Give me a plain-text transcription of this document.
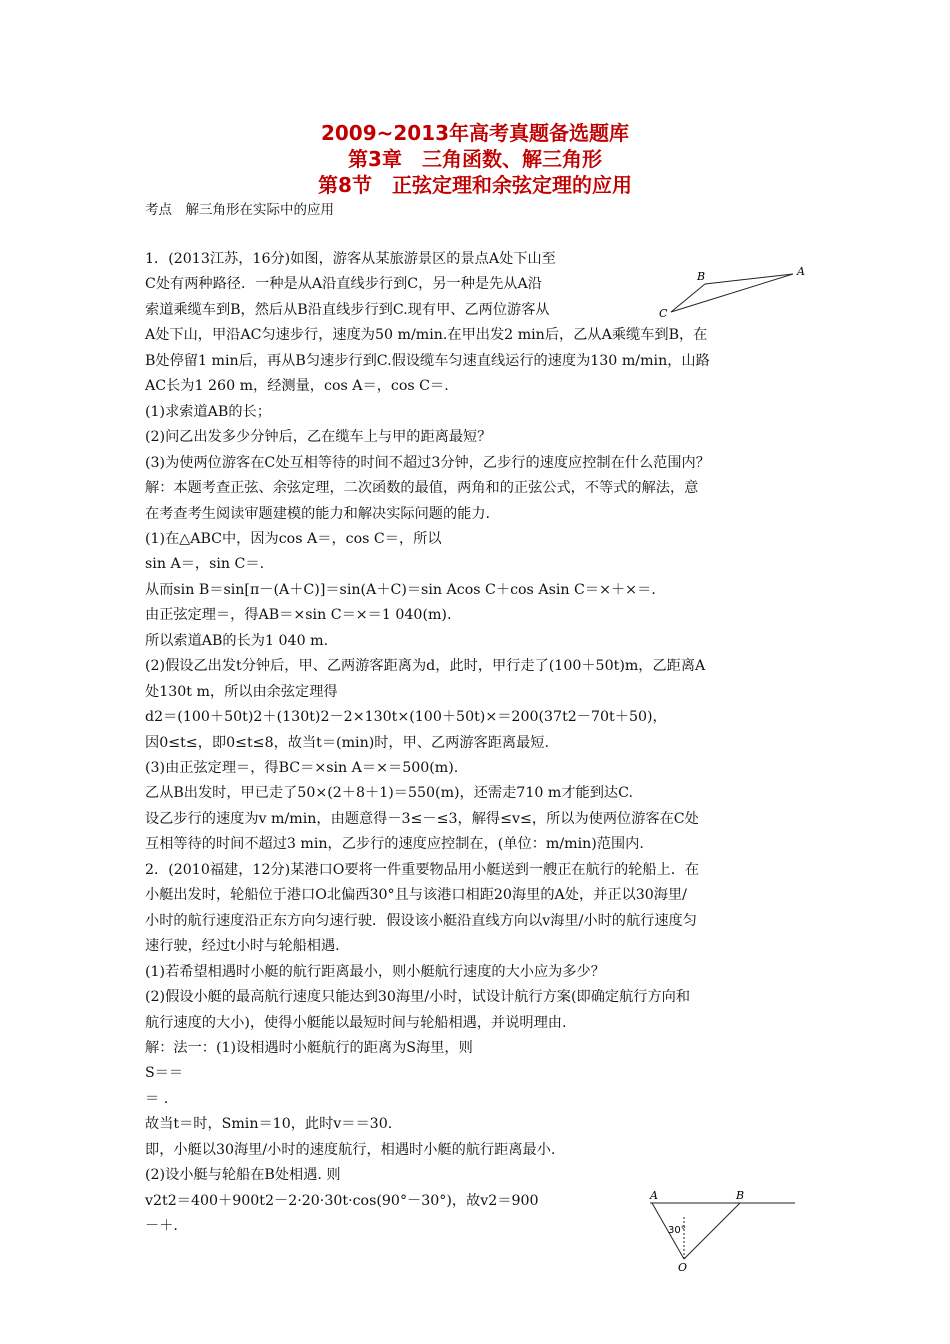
2009~2013年高考真题备选题库
第3章　三角函数、解三角形
第8节　正弦定理和余弦定理的应用
考点　解三角形在实际中的应用
1．(2013江苏，16分)如图，游客从某旅游景区的景点A处下山至
C处有两种路径．一种是从A沿直线步行到C，另一种是先从A沿
索道乘缆车到B，然后从B沿直线步行到C.现有甲、乙两位游客从
A处下山，甲沿AC匀速步行，速度为50 m/min.在甲出发2 min后，乙从A乘缆车到B，在
B处停留1 min后，再从B匀速步行到C.假设缆车匀速直线运行的速度为130 m/min，山路
AC长为1 260 m，经测量，cos A＝，cos C＝.
(1)求索道AB的长；
(2)问乙出发多少分钟后，乙在缆车上与甲的距离最短？
(3)为使两位游客在C处互相等待的时间不超过3分钟，乙步行的速度应控制在什么范围内？
解：本题考查正弦、余弦定理，二次函数的最值，两角和的正弦公式，不等式的解法，意
在考查考生阅读审题建模的能力和解决实际问题的能力.
(1)在△ABC中，因为cos A＝，cos C＝，所以
sin A＝，sin C＝.
从而sin B＝sin[π－(A＋C)]＝sin(A＋C)＝sin Acos C＋cos Asin C＝×＋×＝.
由正弦定理＝，得AB＝×sin C＝×＝1 040(m).
所以索道AB的长为1 040 m.
(2)假设乙出发t分钟后，甲、乙两游客距离为d，此时，甲行走了(100＋50t)m，乙距离A
处130t m，所以由余弦定理得
d2＝(100＋50t)2＋(130t)2－2×130t×(100＋50t)×＝200(37t2－70t＋50)，
因0≤t≤，即0≤t≤8，故当t＝(min)时，甲、乙两游客距离最短.
(3)由正弦定理＝，得BC＝×sin A＝×＝500(m).
乙从B出发时，甲已走了50×(2＋8＋1)＝550(m)，还需走710 m才能到达C.
设乙步行的速度为v m/min，由题意得－3≤－≤3，解得≤v≤，所以为使两位游客在C处
互相等待的时间不超过3 min，乙步行的速度应控制在，(单位：m/min)范围内.
2．(2010福建，12分)某港口O要将一件重要物品用小艇送到一艘正在航行的轮船上．在
小艇出发时，轮船位于港口O北偏西30°且与该港口相距20海里的A处，并正以30海里/
小时的航行速度沿正东方向匀速行驶．假设该小艇沿直线方向以v海里/小时的航行速度匀
速行驶，经过t小时与轮船相遇.
(1)若希望相遇时小艇的航行距离最小，则小艇航行速度的大小应为多少？
(2)假设小艇的最高航行速度只能达到30海里/小时，试设计航行方案(即确定航行方向和
航行速度的大小)，使得小艇能以最短时间与轮船相遇，并说明理由.
解：法一：(1)设相遇时小艇航行的距离为S海里，则
S＝＝
＝ .
故当t＝时，Smin＝10，此时v＝＝30.
即，小艇以30海里/小时的速度航行，相遇时小艇的航行距离最小.
(2)设小艇与轮船在B处相遇. 则
v2t2＝400＋900t2－2·20·30t·cos(90°－30°)，故v2＝900
－＋.
A
B
C
A	B
O
30°
